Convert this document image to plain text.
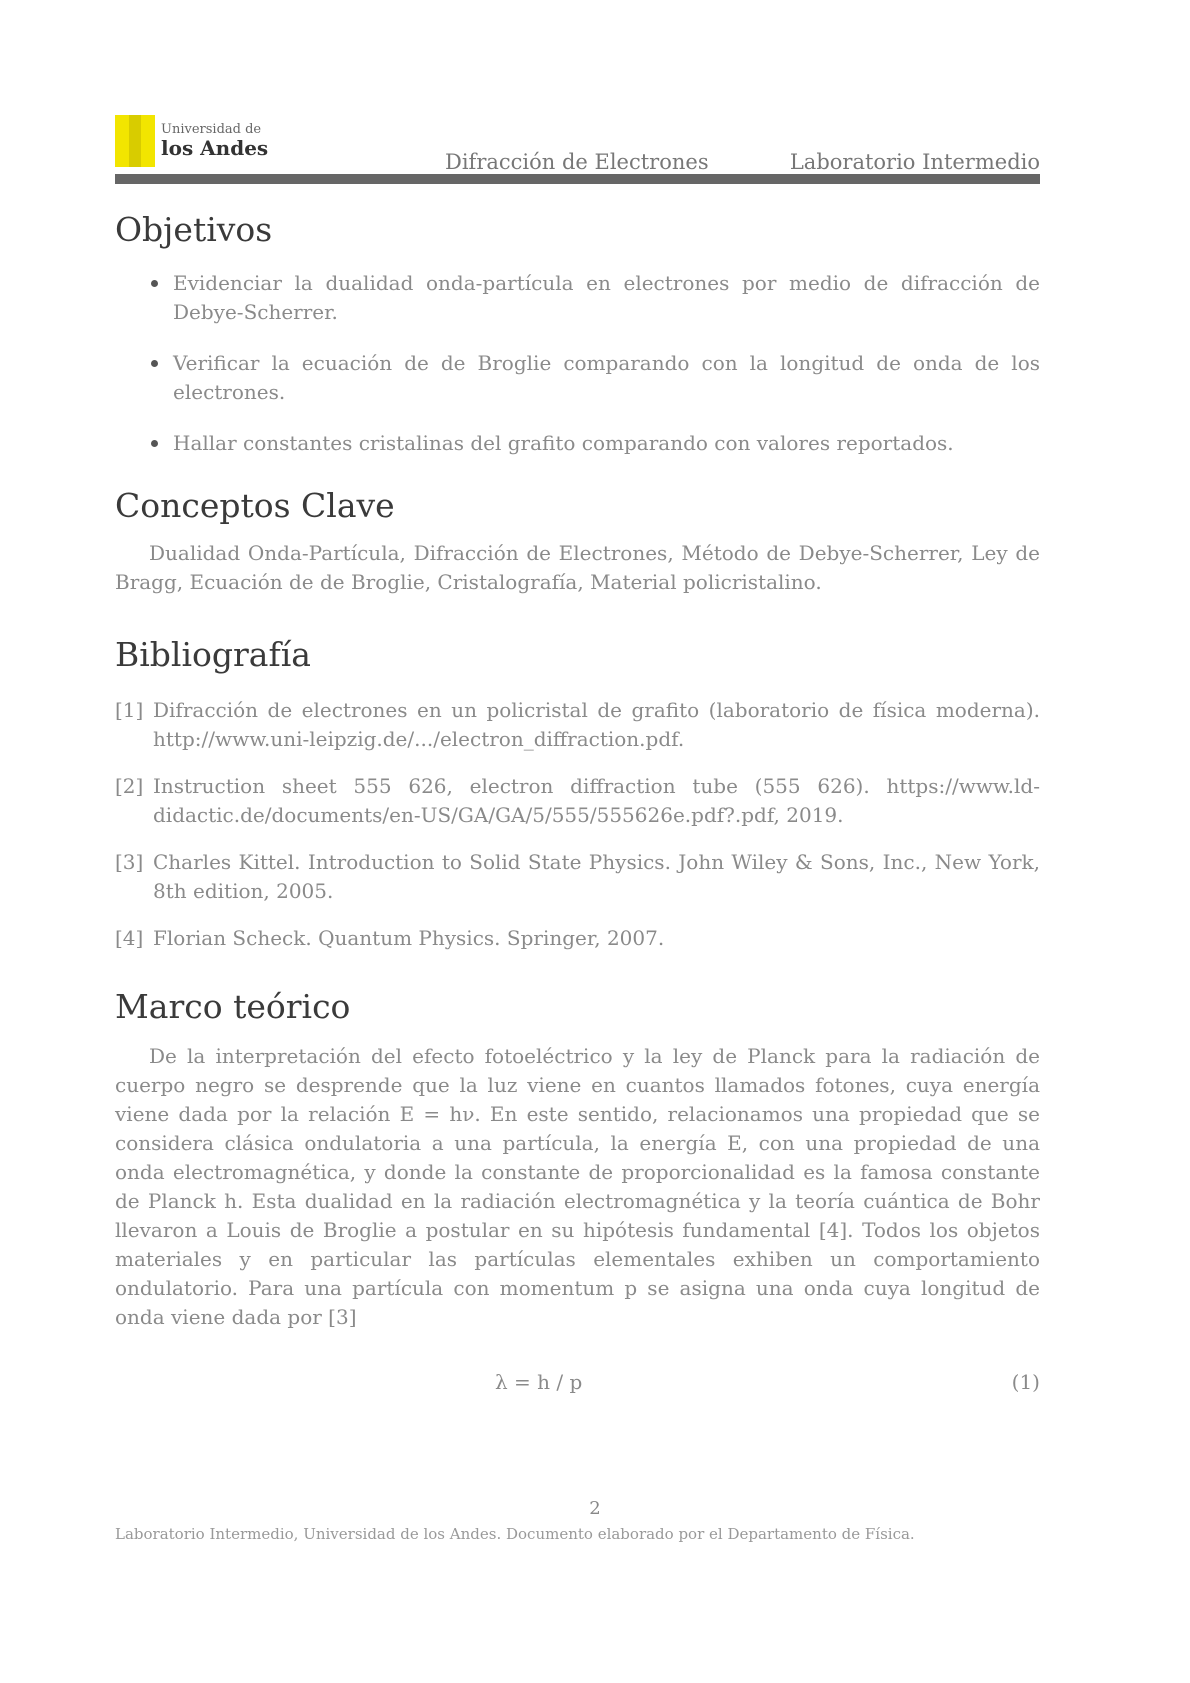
Universidad de
los Andes
Difracción de Electrones	Laboratorio Intermedio
Objetivos
Evidenciar la dualidad onda-partícula en electrones por medio de difracción de Debye-Scherrer.
Verificar la ecuación de de Broglie comparando con la longitud de onda de los electrones.
Hallar constantes cristalinas del grafito comparando con valores reportados.
Conceptos Clave

Dualidad Onda-Partícula, Difracción de Electrones, Método de Debye-Scherrer, Ley de Bragg, Ecuación de de Broglie, Cristalografía, Material policristalino.

Bibliografía
[1] Difracción de electrones en un policristal de grafito (laboratorio de física moderna). http://www.uni-leipzig.de/.../electron_diffraction.pdf.
[2] Instruction sheet 555 626, electron diffraction tube (555 626). https://www.ld-didactic.de/documents/en-US/GA/GA/5/555/555626e.pdf?.pdf, 2019.
[3] Charles Kittel. Introduction to Solid State Physics. John Wiley & Sons, Inc., New York, 8th edition, 2005.
[4] Florian Scheck. Quantum Physics. Springer, 2007.
Marco teórico

De la interpretación del efecto fotoeléctrico y la ley de Planck para la radiación de cuerpo negro se desprende que la luz viene en cuantos llamados fotones, cuya energía viene dada por la relación E = hν. En este sentido, relacionamos una propiedad que se considera clásica ondulatoria a una partícula, la energía E, con una propiedad de una onda electromagnética, y donde la constante de proporcionalidad es la famosa constante de Planck h. Esta dualidad en la radiación electromagnética y la teoría cuántica de Bohr llevaron a Louis de Broglie a postular en su hipótesis fundamental [4]. Todos los objetos materiales y en particular las partículas elementales exhiben un comportamiento ondulatorio. Para una partícula con momentum p se asigna una onda cuya longitud de onda viene dada por [3]

λ = h / p	(1)
2
Laboratorio Intermedio, Universidad de los Andes. Documento elaborado por el Departamento de Física.
